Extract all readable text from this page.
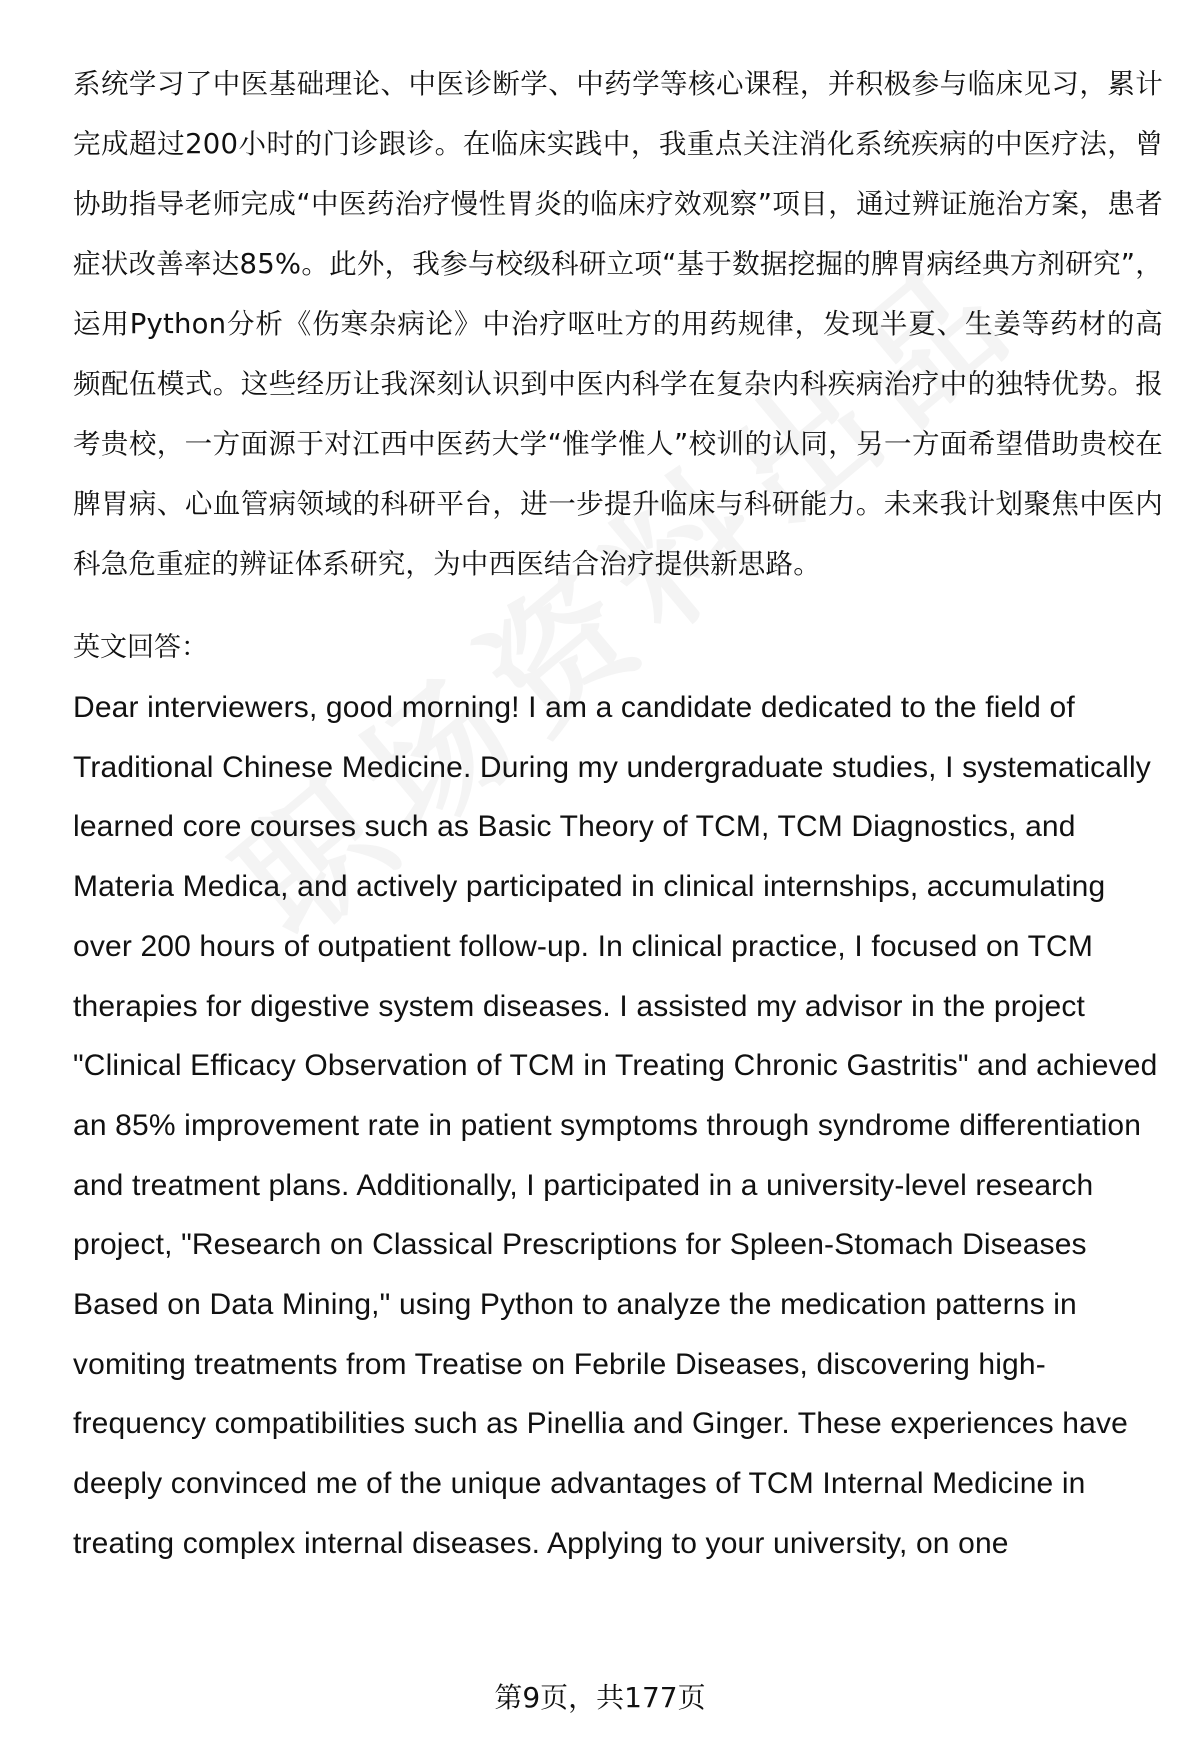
系统学习了中医基础理论、中医诊断学、中药学等核心课程，并积极参与临床见习，累计完成超过200小时的门诊跟诊。在临床实践中，我重点关注消化系统疾病的中医疗法，曾协助指导老师完成“中医药治疗慢性胃炎的临床疗效观察”项目，通过辨证施治方案，患者症状改善率达85%。此外，我参与校级科研立项“基于数据挖掘的脾胃病经典方剂研究”，运用Python分析《伤寒杂病论》中治疗呕吐方的用药规律，发现半夏、生姜等药材的高频配伍模式。这些经历让我深刻认识到中医内科学在复杂内科疾病治疗中的独特优势。报考贵校，一方面源于对江西中医药大学“惟学惟人”校训的认同，另一方面希望借助贵校在脾胃病、心血管病领域的科研平台，进一步提升临床与科研能力。未来我计划聚焦中医内科急危重症的辨证体系研究，为中西医结合治疗提供新思路。

英文回答：

Dear interviewers, good morning! I am a candidate dedicated to the field of Traditional Chinese Medicine. During my undergraduate studies, I systematically learned core courses such as Basic Theory of TCM, TCM Diagnostics, and Materia Medica, and actively participated in clinical internships, accumulating over 200 hours of outpatient follow-up. In clinical practice, I focused on TCM therapies for digestive system diseases. I assisted my advisor in the project "Clinical Efficacy Observation of TCM in Treating Chronic Gastritis" and achieved an 85% improvement rate in patient symptoms through syndrome differentiation and treatment plans. Additionally, I participated in a university-level research project, "Research on Classical Prescriptions for Spleen-Stomach Diseases Based on Data Mining," using Python to analyze the medication patterns in vomiting treatments from Treatise on Febrile Diseases, discovering high-frequency compatibilities such as Pinellia and Ginger. These experiences have deeply convinced me of the unique advantages of TCM Internal Medicine in treating complex internal diseases. Applying to your university, on one

第9页，共177页
